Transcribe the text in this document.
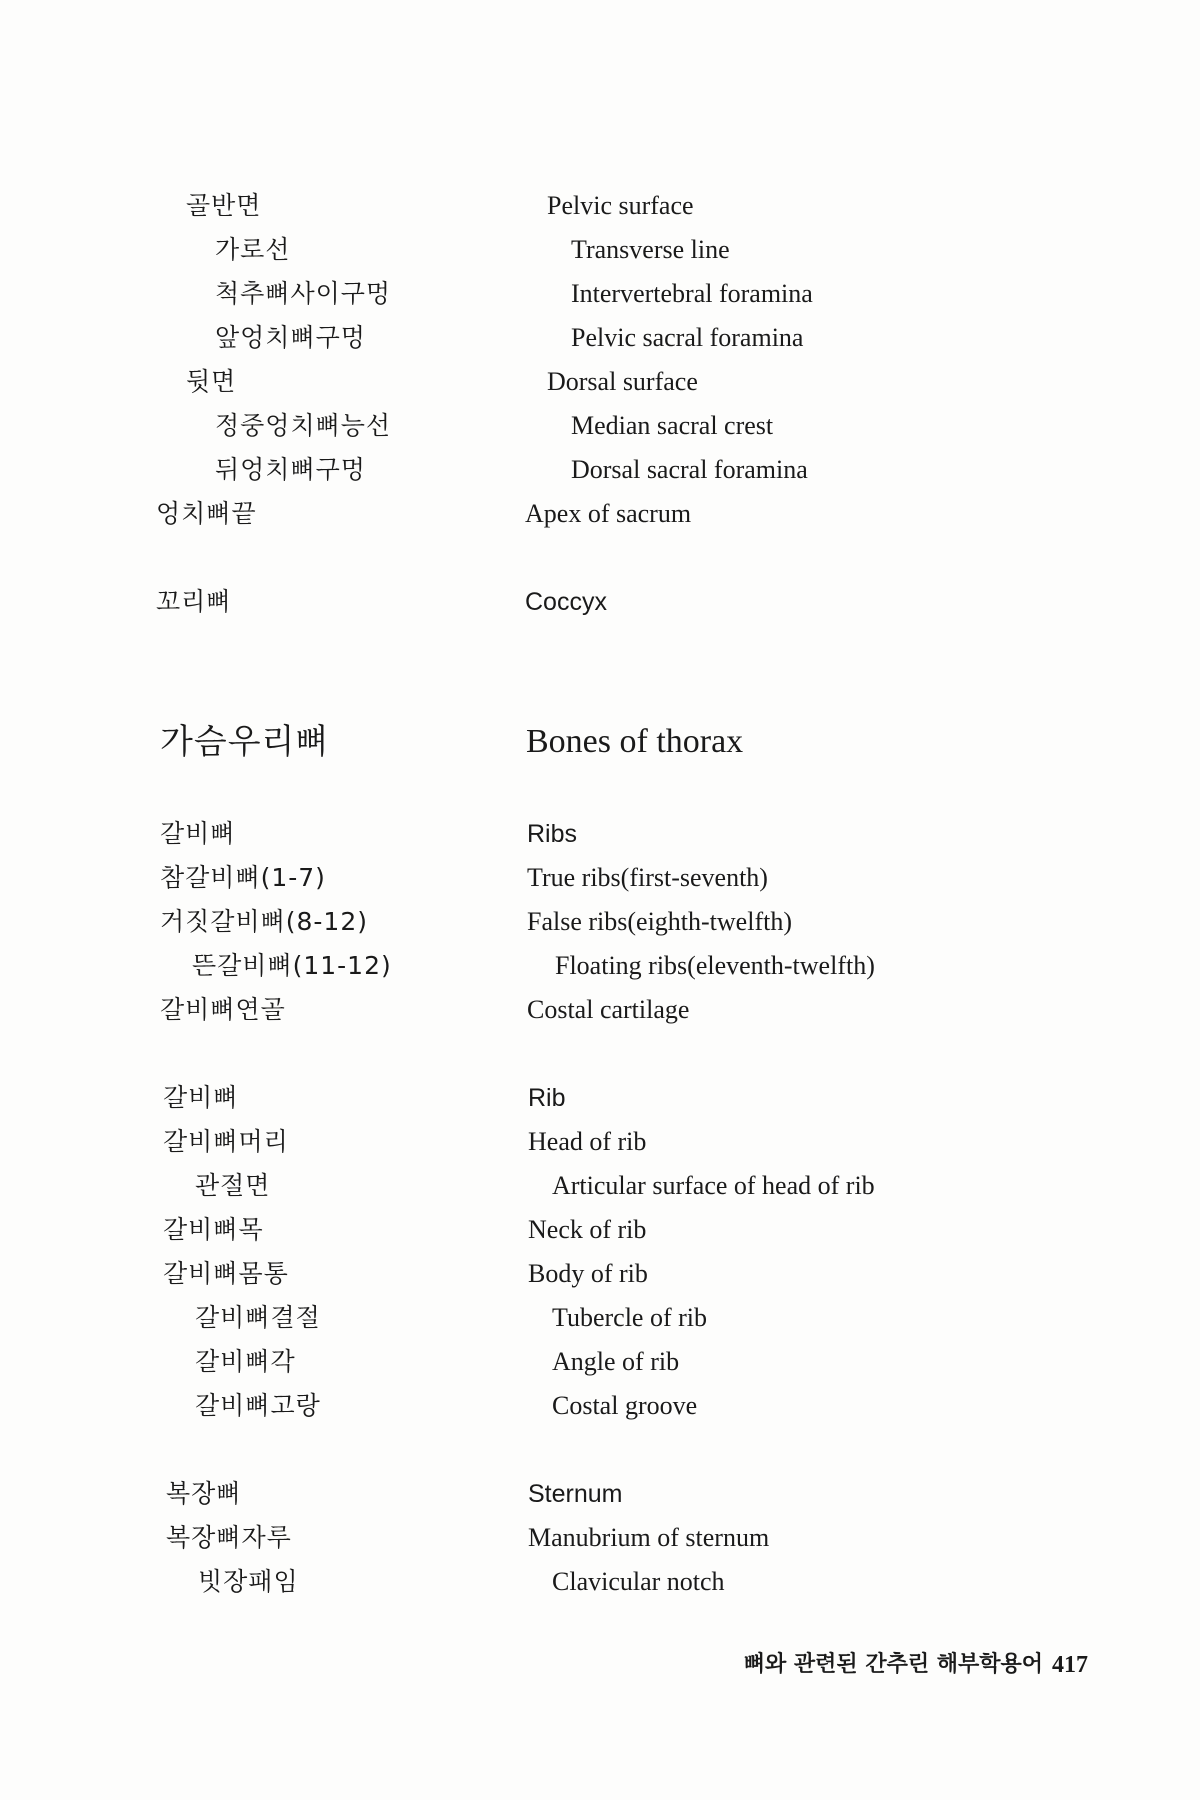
골반면	Pelvic surface
가로선	Transverse line
척추뼈사이구멍	Intervertebral foramina
앞엉치뼈구멍	Pelvic sacral foramina
뒷면	Dorsal surface
정중엉치뼈능선	Median sacral crest
뒤엉치뼈구멍	Dorsal sacral foramina
엉치뼈끝	Apex of sacrum
꼬리뼈	Coccyx
가슴우리뼈	Bones of thorax
갈비뼈	Ribs
참갈비뼈(1-7)	True ribs(first-seventh)
거짓갈비뼈(8-12)	False ribs(eighth-twelfth)
뜬갈비뼈(11-12)	Floating ribs(eleventh-twelfth)
갈비뼈연골	Costal cartilage
갈비뼈	Rib
갈비뼈머리	Head of rib
관절면	Articular surface of head of rib
갈비뼈목	Neck of rib
갈비뼈몸통	Body of rib
갈비뼈결절	Tubercle of rib
갈비뼈각	Angle of rib
갈비뼈고랑	Costal groove
복장뼈	Sternum
복장뼈자루	Manubrium of sternum
빗장패임	Clavicular notch
뼈와 관련된 간추린 해부학용어 417
